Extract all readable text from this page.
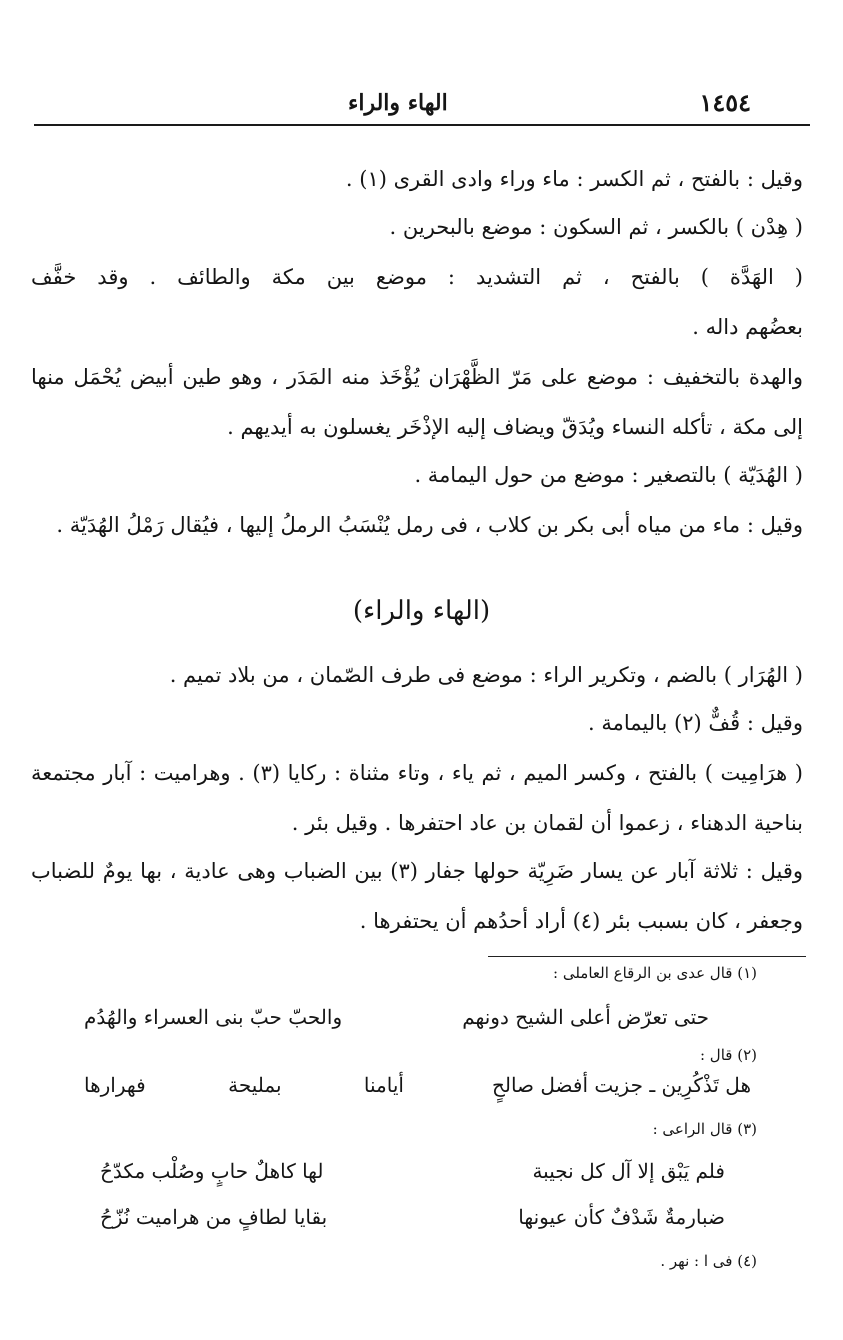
١٤٥٤
الهاء والراء
وقيل : بالفتح ، ثم الكسر : ماء وراء وادى القرى (١) .
( هِدْن ) بالكسر ، ثم السكون : موضع بالبحرين .
( الهَدَّة ) بالفتح ، ثم التشديد : موضع بين مكة والطائف . وقد خفَّف
بعضُهم داله .
والهدة بالتخفيف : موضع على مَرّ الظَّهْرَان يُؤْخَذ منه المَدَر ، وهو طين أبيض يُحْمَل منها
إلى مكة ، تأكله النساء ويُدَقّ ويضاف إليه الإذْخَر يغسلون به أيديهم .
( الهُدَيّة ) بالتصغير : موضع من حول اليمامة .
وقيل : ماء من مياه أبى بكر بن كلاب ، فى رمل يُنْسَبُ الرملُ إليها ، فيُقال رَمْلُ الهُدَيّة .
(الهاء والراء)
( الهُرَار ) بالضم ، وتكرير الراء : موضع فى طرف الصّمان ، من بلاد تميم .
وقيل : قُفٌّ (٢) باليمامة .
( هرَامِيت ) بالفتح ، وكسر الميم ، ثم ياء ، وتاء مثناة : ركايا (٣) . وهراميت : آبار مجتمعة
بناحية الدهناء ، زعموا أن لقمان بن عاد احتفرها . وقيل بئر .
وقيل : ثلاثة آبار عن يسار ضَرِيّة حولها جفار (٣) بين الضباب وهى عادية ، بها يومٌ للضباب
وجعفر ، كان بسبب بئر (٤) أراد أحدُهم أن يحتفرها .
(١) قال عدى بن الرقاع العاملى :
حتى تعرّض أعلى الشيح دونهم
والحبّ حبّ بنى العسراء والهُدُم
(٢) قال :
هل تَذْكُرِين ـ جزيت أفضل صالحٍ
أيامنا بمليحة فهرارها
(٣) قال الراعى :
فلم يَبْق إلا آل كل نجيبة
لها كاهلٌ حابٍ وصُلْب مكدّحُ
ضبارمةٌ شَدْفٌ كأن عيونها
بقايا لطافٍ من هراميت نُزّحُ
(٤) فى ا : نهر .
